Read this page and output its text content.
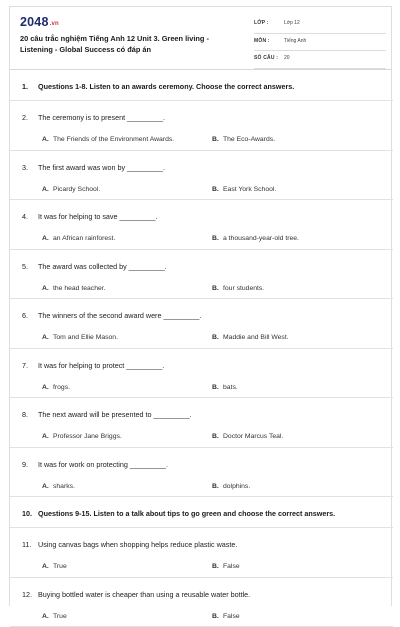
2048.vn
20 câu trắc nghiệm Tiếng Anh 12 Unit 3. Green living - Listening - Global Success có đáp án
LỚP :	Lớp 12
MÔN :	Tiếng Anh
SỐ CÂU : 20
1. Questions 1-8. Listen to an awards ceremony. Choose the correct answers.
2. The ceremony is to present _________.
A. The Friends of the Environment Awards.	B. The Eco-Awards.
3. The first award was won by _________.
A. Picardy School.	B. East York School.
4. It was for helping to save _________.
A. an African rainforest.	B. a thousand-year-old tree.
5. The award was collected by _________.
A. the head teacher.	B. four students.
6. The winners of the second award were _________.
A. Tom and Ellie Mason.	B. Maddie and Bill West.
7. It was for helping to protect _________.
A. frogs.	B. bats.
8. The next award will be presented to _________.
A. Professor Jane Briggs.	B. Doctor Marcus Teal.
9. It was for work on protecting _________.
A. sharks.	B. dolphins.
10. Questions 9-15. Listen to a talk about tips to go green and choose the correct answers.
11. Using canvas bags when shopping helps reduce plastic waste.
A. True	B. False
12. Buying bottled water is cheaper than using a reusable water bottle.
A. True	B. False
